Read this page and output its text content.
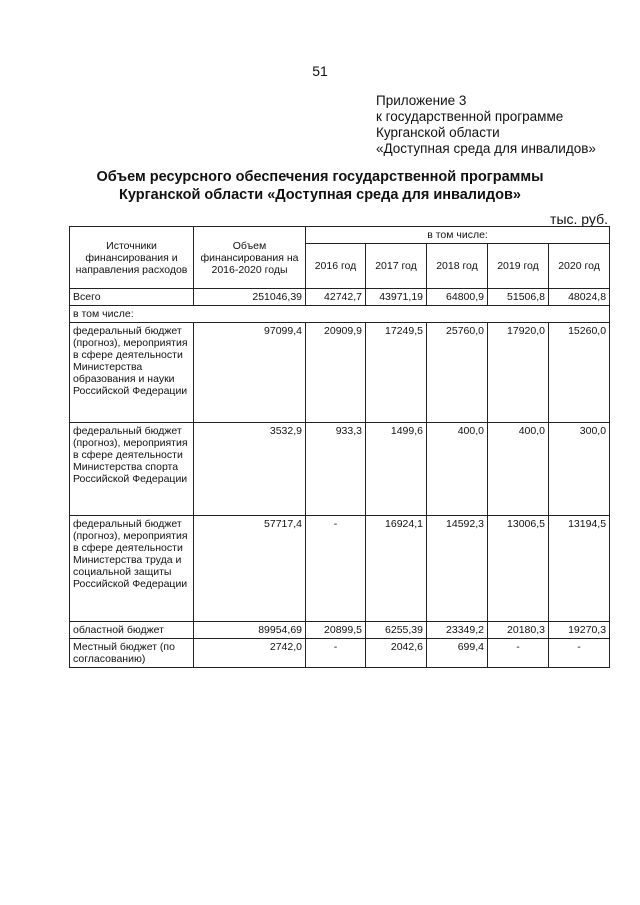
51
Приложение 3
к государственной программе
Курганской области
«Доступная среда для инвалидов»
Объем ресурсного обеспечения государственной программы
Курганской области «Доступная среда для инвалидов»
тыс. руб.
Источники финансирования и направления расходов	Объем финансирования на 2016-2020 годы	в том числе:				
		2016 год	2017 год	2018 год	2019 год	2020 год
Всего	251046,39	42742,7	43971,19	64800,9	51506,8	48024,8
в том числе:						
федеральный бюджет (прогноз), мероприятия в сфере деятельности Министерства образования и науки Российской Федерации	97099,4	20909,9	17249,5	25760,0	17920,0	15260,0
федеральный бюджет (прогноз), мероприятия в сфере деятельности Министерства спорта Российской Федерации	3532,9	933,3	1499,6	400,0	400,0	300,0
федеральный бюджет (прогноз), мероприятия в сфере деятельности Министерства труда и социальной защиты Российской Федерации	57717,4	-	16924,1	14592,3	13006,5	13194,5
областной бюджет	89954,69	20899,5	6255,39	23349,2	20180,3	19270,3
Местный бюджет (по согласованию)	2742,0	-	2042,6	699,4	-	-
